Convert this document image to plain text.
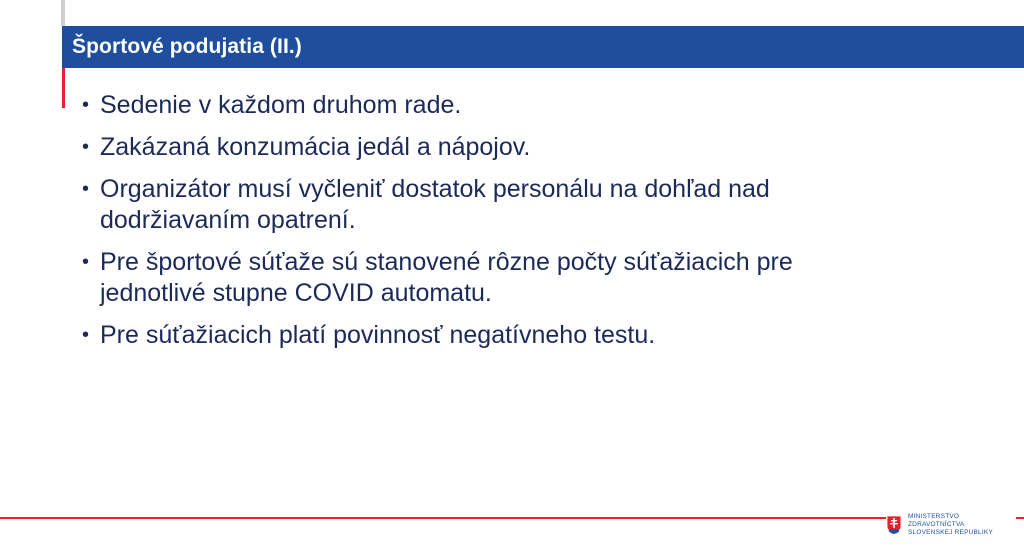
Športové podujatia (II.)
• Sedenie v každom druhom rade.
• Zakázaná konzumácia jedál a nápojov.
• Organizátor musí vyčleniť dostatok personálu na dohľad nad
dodržiavaním opatrení.
• Pre športové súťaže sú stanovené rôzne počty súťažiacich pre
jednotlivé stupne COVID automatu.
• Pre súťažiacich platí povinnosť negatívneho testu.
MINISTERSTVO
ZDRAVOTNÍCTVA
SLOVENSKEJ REPUBLIKY
